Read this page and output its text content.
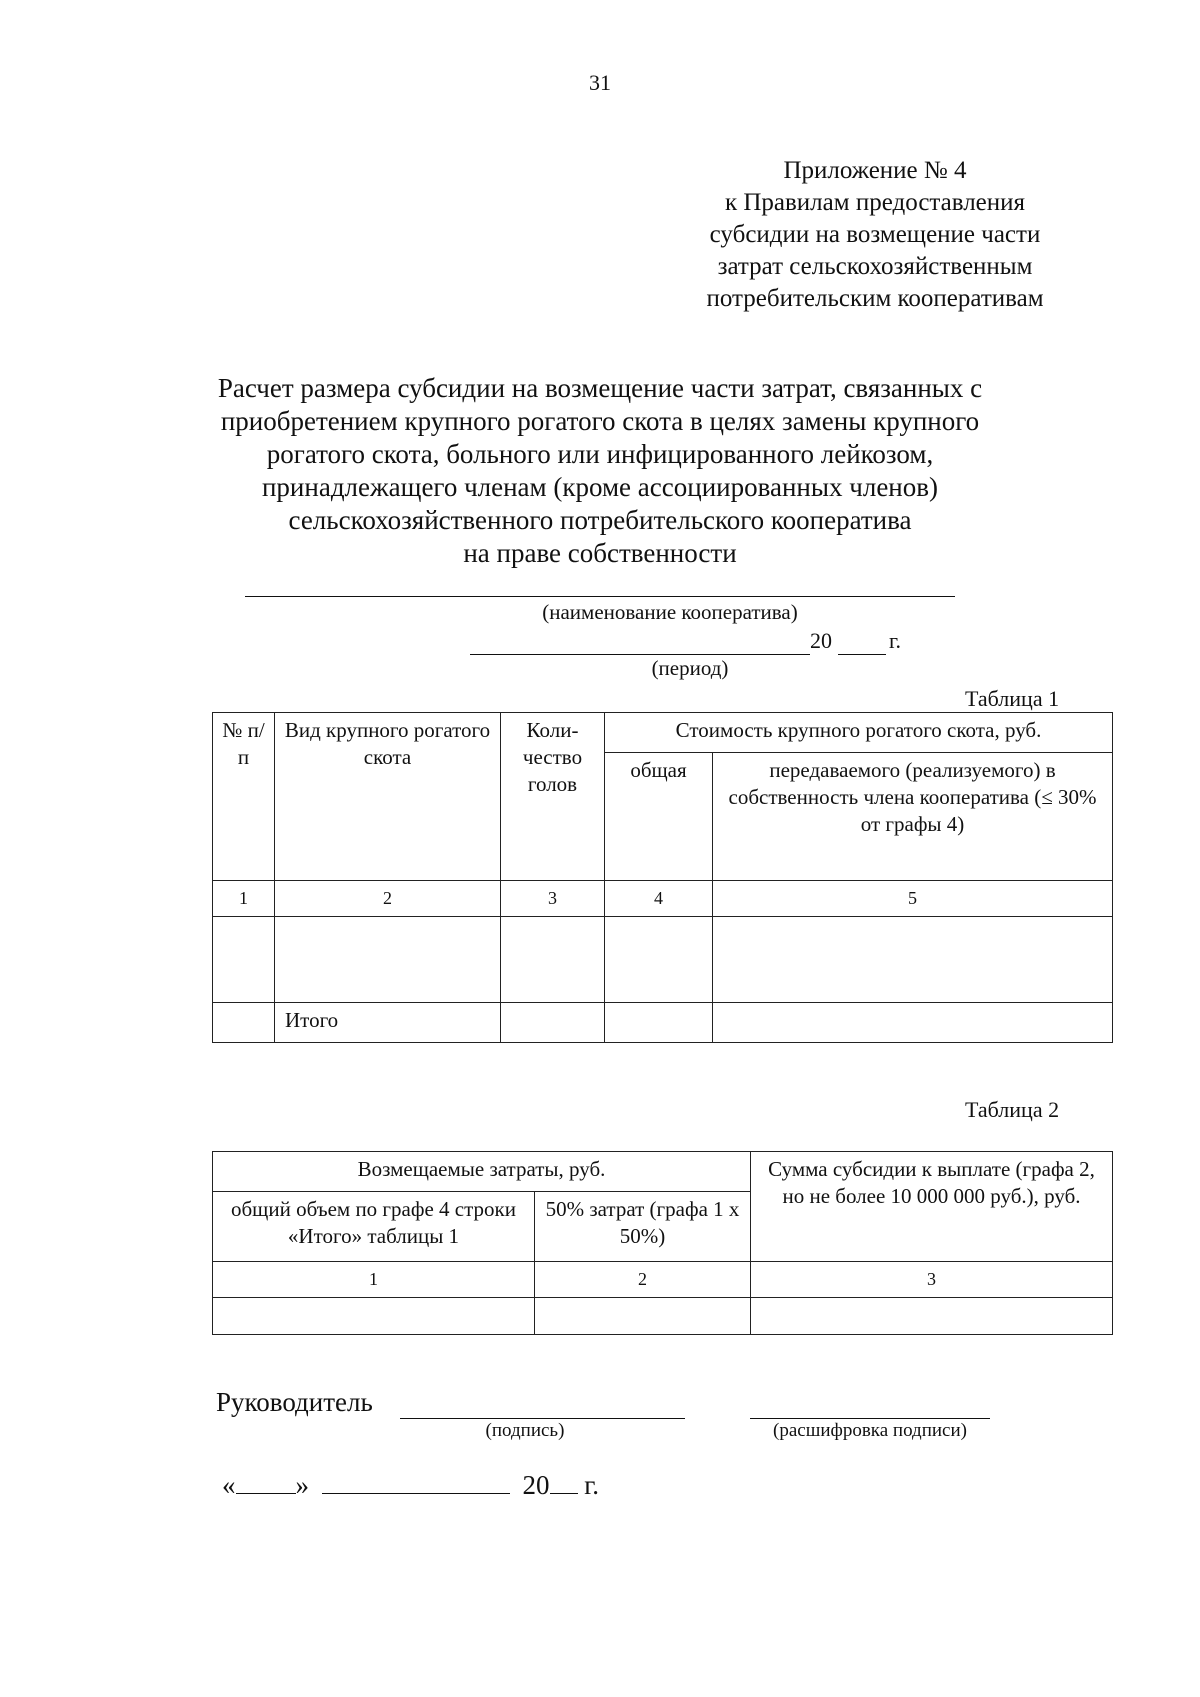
31
Приложение № 4
к Правилам предоставления
субсидии на возмещение части
затрат сельскохозяйственным
потребительским кооперативам
Расчет размера субсидии на возмещение части затрат, связанных с
приобретением крупного рогатого скота в целях замены крупного
рогатого скота, больного или инфицированного лейкозом,
принадлежащего членам (кроме ассоциированных членов)
сельскохозяйственного потребительского кооператива
на праве собственности
(наименование кооператива)
20	г.
(период)
Таблица 1
№ п/п	Вид крупного рогатого скота	Коли-чество голов	Стоимость крупного рогатого скота, руб.	
			общая	передаваемого (реализуемого) в собственность члена кооператива (≤ 30% от графы 4)
1	2	3	4	5

	Итого			
Таблица 2
Возмещаемые затраты, руб.		Сумма субсидии к выплате (графа 2, но не более 10 000 000 руб.), руб.
общий объем по графе 4 строки «Итого» таблицы 1	50% затрат (графа 1 х 50%)	
1	2	3

Руководитель
(подпись)	(расшифровка подписи)
« »	20 г.
